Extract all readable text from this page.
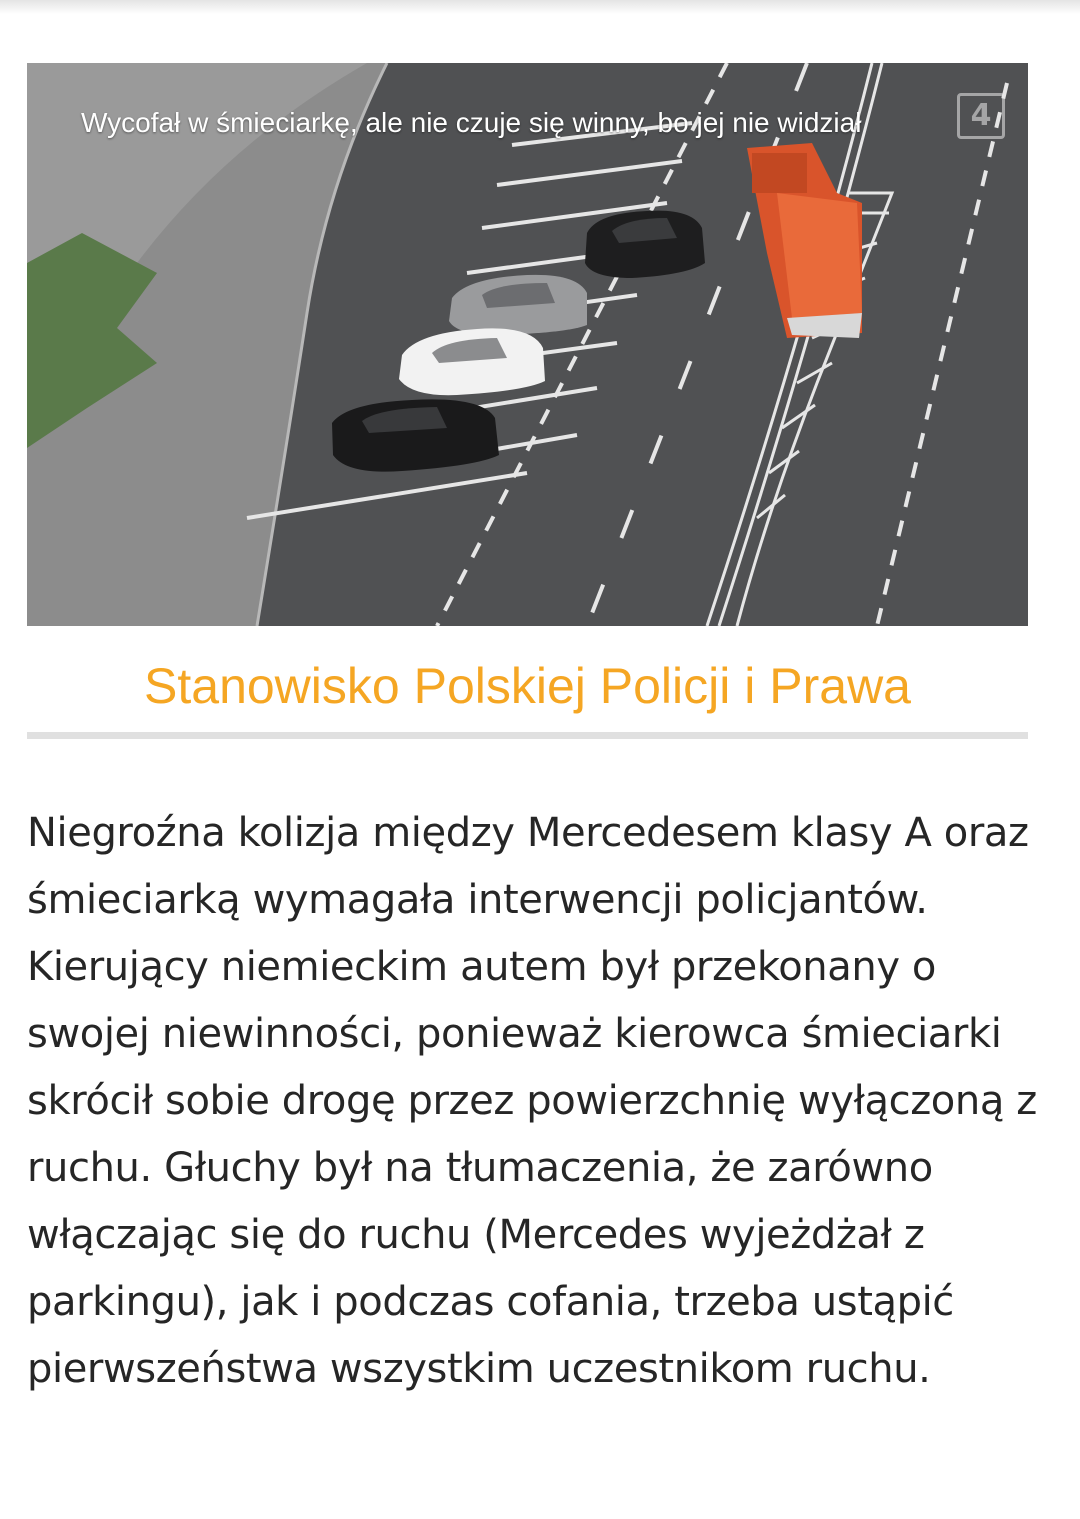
Wycofał w śmieciarkę, ale nie czuje się winny, bo jej nie widział	4
Stanowisko Polskiej Policji i Prawa

Niegroźna kolizja między Mercedesem klasy A oraz śmieciarką wymagała interwencji policjantów. Kierujący niemieckim autem był przekonany o swojej niewinności, ponieważ kierowca śmieciarki skrócił sobie drogę przez powierzchnię wyłączoną z ruchu. Głuchy był na tłumaczenia, że zarówno włączając się do ruchu (Mercedes wyjeżdżał z parkingu), jak i podczas cofania, trzeba ustąpić pierwszeństwa wszystkim uczestnikom ruchu.
